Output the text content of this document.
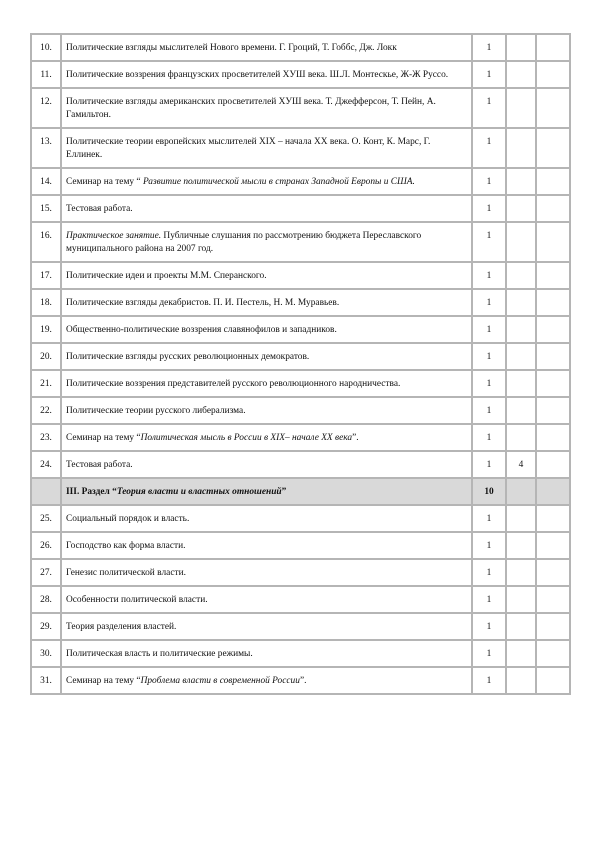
10.	Политические взгляды мыслителей Нового времени. Г. Гроций, Т. Гоббс, Дж. Локк	1		
11.	Политические воззрения французских просветителей XУШ века. Ш.Л. Монтескье, Ж-Ж Руссо.	1		
12.	Политические взгляды американских просветителей XУШ века. Т. Джефферсон, Т. Пейн, А. Гамильтон.	1		
13.	Политические теории европейских мыслителей XIX – начала XX века. О. Конт, К. Марс, Г. Еллинек.	1		
14.	Семинар на тему “ Развитие политической мысли в странах Западной Европы и США.	1		
15.	Тестовая работа.	1		
16.	Практическое занятие. Публичные слушания по рассмотрению бюджета Переславского муниципального района на 2007 год.	1		
17.	Политические идеи и проекты М.М. Сперанского.	1		
18.	Политические взгляды декабристов. П. И. Пестель, Н. М. Муравьев.	1		
19.	Общественно-политические воззрения славянофилов и западников.	1		
20.	Политические взгляды русских революционных демократов.	1		
21.	Политические воззрения представителей русского революционного народничества.	1		
22.	Политические теории русского либерализма.	1		
23.	Семинар на тему “Политическая мысль в России в XIX– начале XX века”.	1		
24.	Тестовая работа.	1	4	
	III. Раздел “Теория власти и властных отношений”	10		
25.	Социальный порядок и власть.	1		
26.	Господство как форма власти.	1		
27.	Генезис политической власти.	1		
28.	Особенности политической власти.	1		
29.	Теория разделения властей.	1		
30.	Политическая власть и политические режимы.	1		
31.	Семинар на тему “Проблема власти в современной России”.	1		
